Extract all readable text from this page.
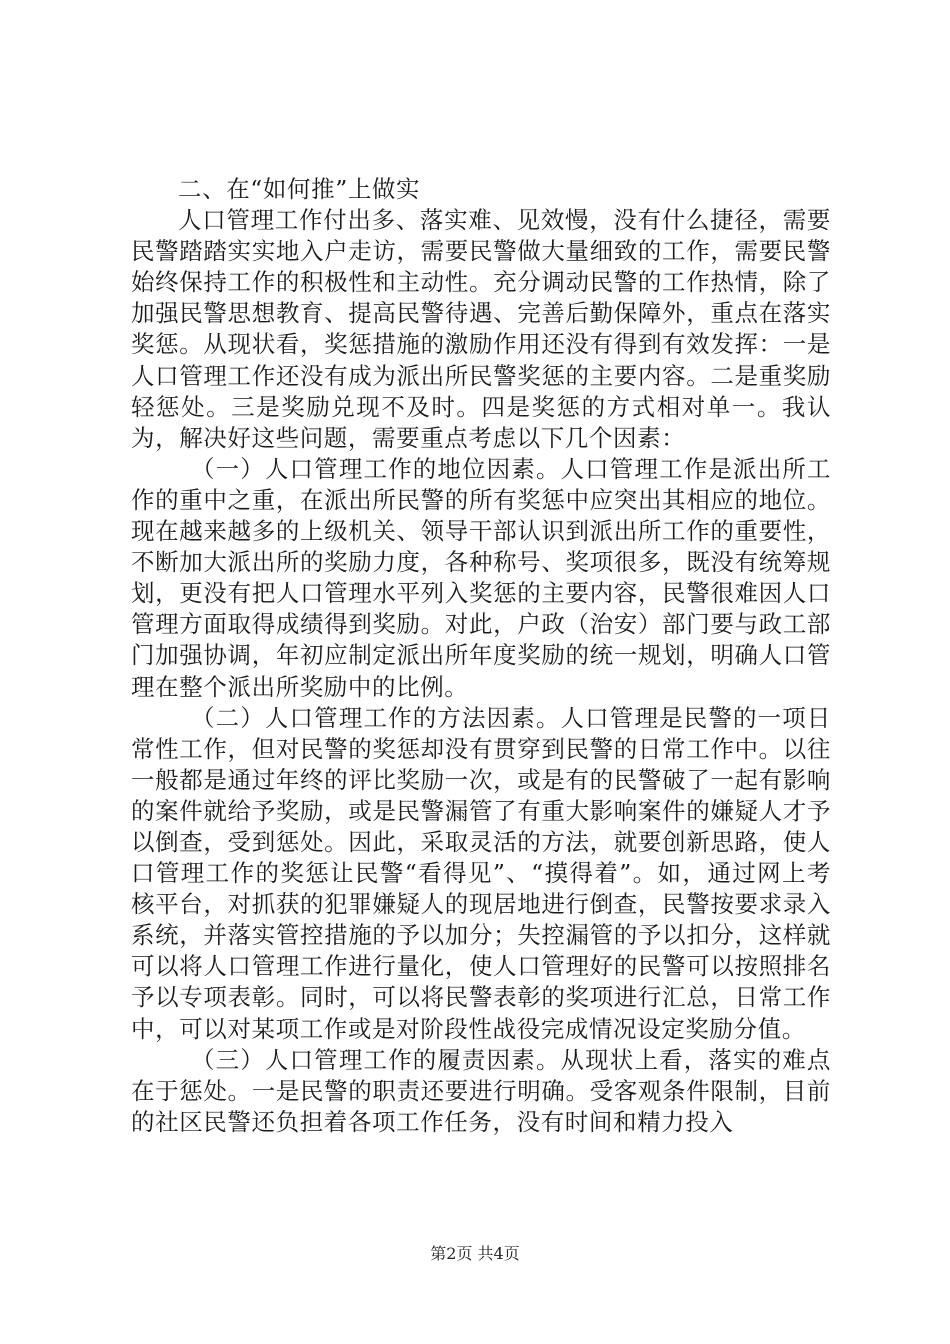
二、在“如何推”上做实

人口管理工作付出多、落实难、见效慢，没有什么捷径，需要民警踏踏实实地入户走访，需要民警做大量细致的工作，需要民警始终保持工作的积极性和主动性。充分调动民警的工作热情，除了加强民警思想教育、提高民警待遇、完善后勤保障外，重点在落实奖惩。从现状看，奖惩措施的激励作用还没有得到有效发挥：一是人口管理工作还没有成为派出所民警奖惩的主要内容。二是重奖励轻惩处。三是奖励兑现不及时。四是奖惩的方式相对单一。我认为，解决好这些问题，需要重点考虑以下几个因素：

（一）人口管理工作的地位因素。人口管理工作是派出所工作的重中之重，在派出所民警的所有奖惩中应突出其相应的地位。现在越来越多的上级机关、领导干部认识到派出所工作的重要性，不断加大派出所的奖励力度，各种称号、奖项很多，既没有统筹规划，更没有把人口管理水平列入奖惩的主要内容，民警很难因人口管理方面取得成绩得到奖励。对此，户政（治安）部门要与政工部门加强协调，年初应制定派出所年度奖励的统一规划，明确人口管理在整个派出所奖励中的比例。

（二）人口管理工作的方法因素。人口管理是民警的一项日常性工作，但对民警的奖惩却没有贯穿到民警的日常工作中。以往一般都是通过年终的评比奖励一次，或是有的民警破了一起有影响的案件就给予奖励，或是民警漏管了有重大影响案件的嫌疑人才予以倒查，受到惩处。因此，采取灵活的方法，就要创新思路，使人口管理工作的奖惩让民警“看得见”、“摸得着”。如，通过网上考核平台，对抓获的犯罪嫌疑人的现居地进行倒查，民警按要求录入系统，并落实管控措施的予以加分；失控漏管的予以扣分，这样就可以将人口管理工作进行量化，使人口管理好的民警可以按照排名予以专项表彰。同时，可以将民警表彰的奖项进行汇总，日常工作中，可以对某项工作或是对阶段性战役完成情况设定奖励分值。

（三）人口管理工作的履责因素。从现状上看，落实的难点在于惩处。一是民警的职责还要进行明确。受客观条件限制，目前的社区民警还负担着各项工作任务，没有时间和精力投入

第2页 共4页
